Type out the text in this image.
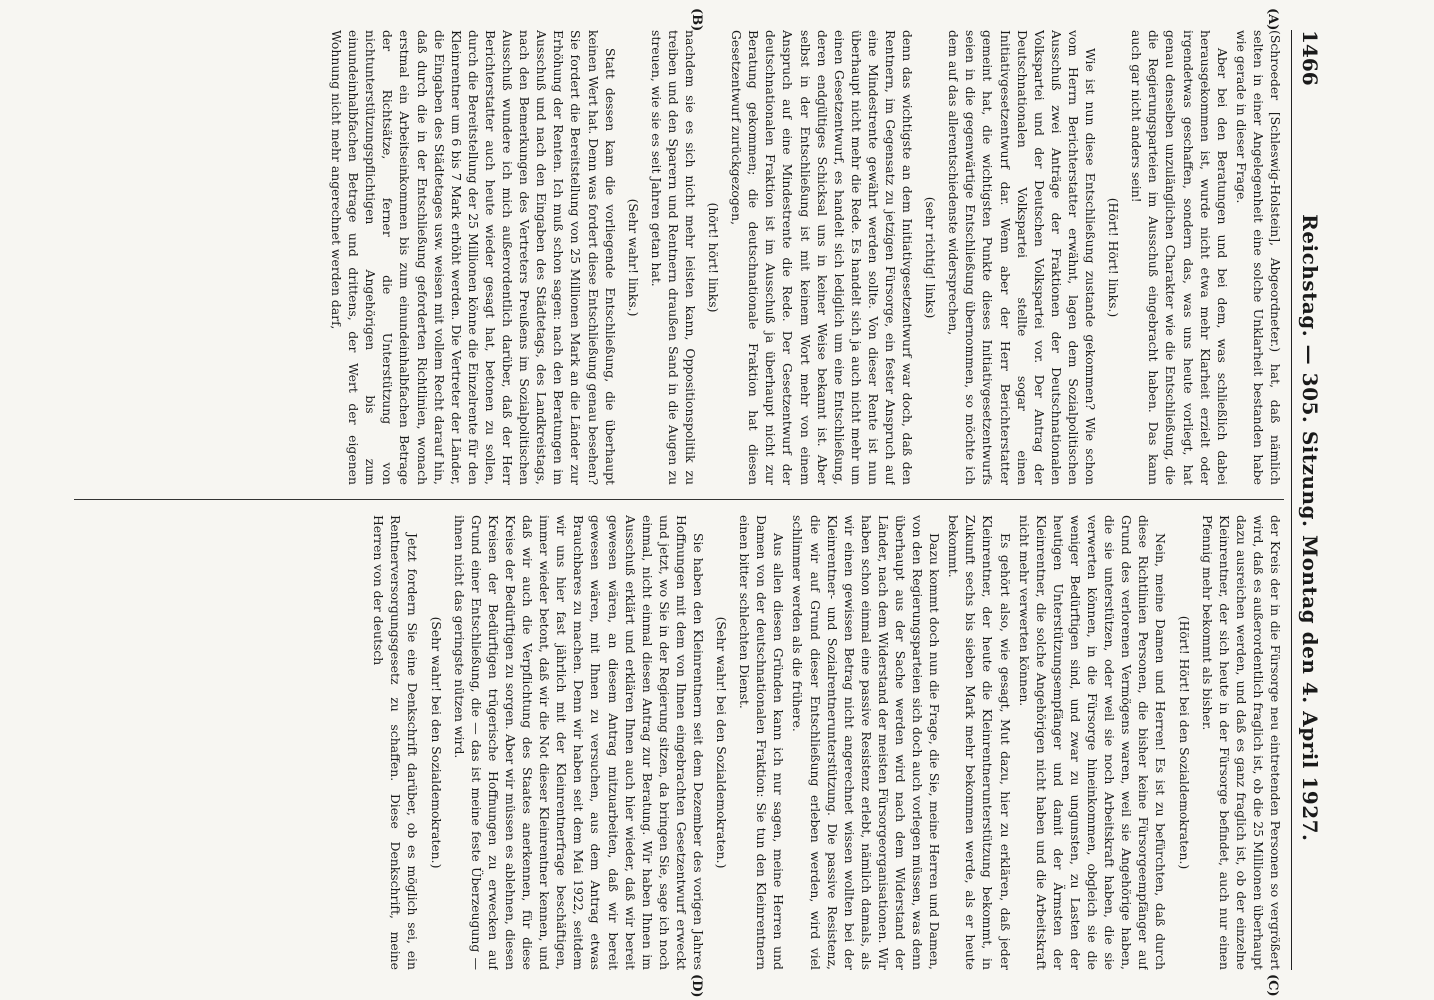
1466
Reichstag. — 305. Sitzung. Montag den 4. April 1927.
(A)
(B)
(C)
(D)

(Schroeder [Schleswig-Holstein], Abgeordneter.) hat, daß nämlich selten in einer Angelegenheit eine solche Unklarheit bestanden habe wie gerade in dieser Frage.

Aber bei den Beratungen und bei dem, was schließlich dabei herausgekommen ist, wurde nicht etwa mehr Klarheit erzielt oder irgendetwas geschaffen, sondern das, was uns heute vorliegt, hat genau denselben unzulänglichen Charakter wie die Entschließung, die die Regierungsparteien im Ausschuß eingebracht haben. Das kann auch gar nicht anders sein!

(Hört! Hört! links.)

Wie ist nun diese Entschließung zustande gekommen? Wie schon vom Herrn Berichterstatter erwähnt, lagen dem Sozialpolitischen Ausschuß zwei Anträge der Fraktionen der Deutschnationalen Volkspartei und der Deutschen Volkspartei vor. Der Antrag der Deutschnationalen Volkspartei stellte sogar einen Initiativgesetzentwurf dar. Wenn aber der Herr Berichterstatter gemeint hat, die wichtigsten Punkte dieses Initiativgesetzentwurfs seien in die gegenwärtige Entschließung übernommen, so möchte ich dem auf das allerentschiedenste widersprechen,

(sehr richtig! links)

denn das wichtigste an dem Initiativgesetzentwurf war doch, daß den Rentnern, im Gegensatz zu jetzigen Fürsorge, ein fester Anspruch auf eine Mindestrente gewährt werden sollte. Von dieser Rente ist nun überhaupt nicht mehr die Rede. Es handelt sich ja auch nicht mehr um einen Gesetzentwurf, es handelt sich lediglich um eine Entschließung, deren endgültiges Schicksal uns in keiner Weise bekannt ist. Aber selbst in der Entschließung ist mit keinem Wort mehr von einem Anspruch auf eine Mindestrente die Rede. Der Gesetzentwurf der deutschnationalen Fraktion ist im Ausschuß ja überhaupt nicht zur Beratung gekommen; die deutschnationale Fraktion hat diesen Gesetzentwurf zurückgezogen,

(hört! hört! links)

nachdem sie es sich nicht mehr leisten kann, Oppositionspolitik zu treiben und den Sparern und Rentnern draußen Sand in die Augen zu streuen, wie sie es seit Jahren getan hat.

(Sehr wahr! links.)

Statt dessen kam die vorliegende Entschließung, die überhaupt keinen Wert hat. Denn was fordert diese Entschließung genau besehen? Sie fordert die Bereitstellung von 25 Millionen Mark an die Länder zur Erhöhung der Renten. Ich muß schon sagen: nach den Beratungen im Ausschuß und nach den Eingaben des Städtetags, des Landkreistags, nach den Bemerkungen des Vertreters Preußens im Sozialpolitischen Ausschuß wundere ich mich außerordentlich darüber, daß der Herr Berichterstatter auch heute wieder gesagt hat, betonen zu sollen, durch die Bereitstellung der 25 Millionen könne die Einzelrente für den Kleinrentner um 6 bis 7 Mark erhöht werden. Die Vertreter der Länder, die Eingaben des Städtetages usw. weisen mit vollem Recht darauf hin, daß durch die in der Entschließung geforderten Richtlinien, wonach erstmal ein Arbeitseinkommen bis zum einundeinhalbfachen Betrage der Richtsätze, ferner die Unterstützung von nichtunterstützungspflichtigen Angehörigen bis zum einundeinhalbfachen Betrage und drittens, der Wert der eigenen Wohnung nicht mehr angerechnet werden darf,

der Kreis der in die Fürsorge neu eintretenden Personen so vergrößert wird, daß es außerordentlich fraglich ist, ob die 25 Millionen überhaupt dazu ausreichen werden, und daß es ganz fraglich ist, ob der einzelne Kleinrentner, der sich heute in der Fürsorge befindet, auch nur einen Pfennig mehr bekommt als bisher.

(Hört! Hört! bei den Sozialdemokraten.)

Nein, meine Damen und Herren! Es ist zu befürchten, daß durch diese Richtlinien Personen, die bisher keine Fürsorgeempfänger auf Grund des verlorenen Vermögens waren, weil sie Angehörige haben, die sie unterstützen, oder weil sie noch Arbeitskraft haben, die sie verwerten können, in die Fürsorge hineinkommen, obgleich sie die weniger Bedürftigen sind, und zwar zu ungunsten, zu Lasten der heutigen Unterstützungsempfänger und damit der Ärmsten der Kleinrentner, die solche Angehörigen nicht haben und die Arbeitskraft nicht mehr verwerten können.

Es gehört also, wie gesagt, Mut dazu, hier zu erklären, daß jeder Kleinrentner, der heute die Kleinrentnerunterstützung bekommt, in Zukunft sechs bis sieben Mark mehr bekommen werde, als er heute bekommt.

Dazu kommt doch nun die Frage, die Sie, meine Herren und Damen, von den Regierungsparteien sich doch auch vorlegen müssen, was denn überhaupt aus der Sache werden wird nach dem Widerstand der Länder, nach dem Widerstand der meisten Fürsorgeorganisationen. Wir haben schon einmal eine passive Resistenz erlebt, nämlich damals, als wir einen gewissen Betrag nicht angerechnet wissen wollten bei der Kleinrentner- und Sozialrentnerunterstützung. Die passive Resistenz, die wir auf Grund dieser Entschließung erleben werden, wird viel schlimmer werden als die frühere.

Aus allen diesen Gründen kann ich nur sagen, meine Herren und Damen von der deutschnationalen Fraktion: Sie tun den Kleinrentnern einen bitter schlechten Dienst.

(Sehr wahr! bei den Sozialdemokraten.)

Sie haben den Kleinrentnern seit dem Dezember des vorigen Jahres Hoffnungen mit dem von Ihnen eingebrachten Gesetzentwurf erweckt und jetzt, wo Sie in der Regierung sitzen, da bringen Sie, sage ich noch einmal, nicht einmal diesen Antrag zur Beratung. Wir haben Ihnen im Ausschuß erklärt und erklären Ihnen auch hier wieder, daß wir bereit gewesen wären, an diesem Antrag mitzuarbeiten, daß wir bereit gewesen wären, mit Ihnen zu versuchen, aus dem Antrag etwas Brauchbares zu machen. Denn wir haben seit dem Mai 1922, seitdem wir uns hier fast jährlich mit der Kleinrentnerfrage beschäftigen, immer wieder betont, daß wir die Not dieser Kleinrentner kennen, und daß wir auch die Verpflichtung des Staates anerkennen, für diese Kreise der Bedürftigen zu sorgen. Aber wir müssen es ablehnen, diesen Kreisen der Bedürftigen trügerische Hoffnungen zu erwecken auf Grund einer Entschließung, die — das ist meine feste Überzeugung — ihnen nicht das geringste nützen wird.

(Sehr wahr! bei den Sozialdemokraten.)

Jetzt fordern Sie eine Denkschrift darüber, ob es möglich sei, ein Rentnerversorgungsgesetz zu schaffen. Diese Denkschrift, meine Herren von der deutsch
